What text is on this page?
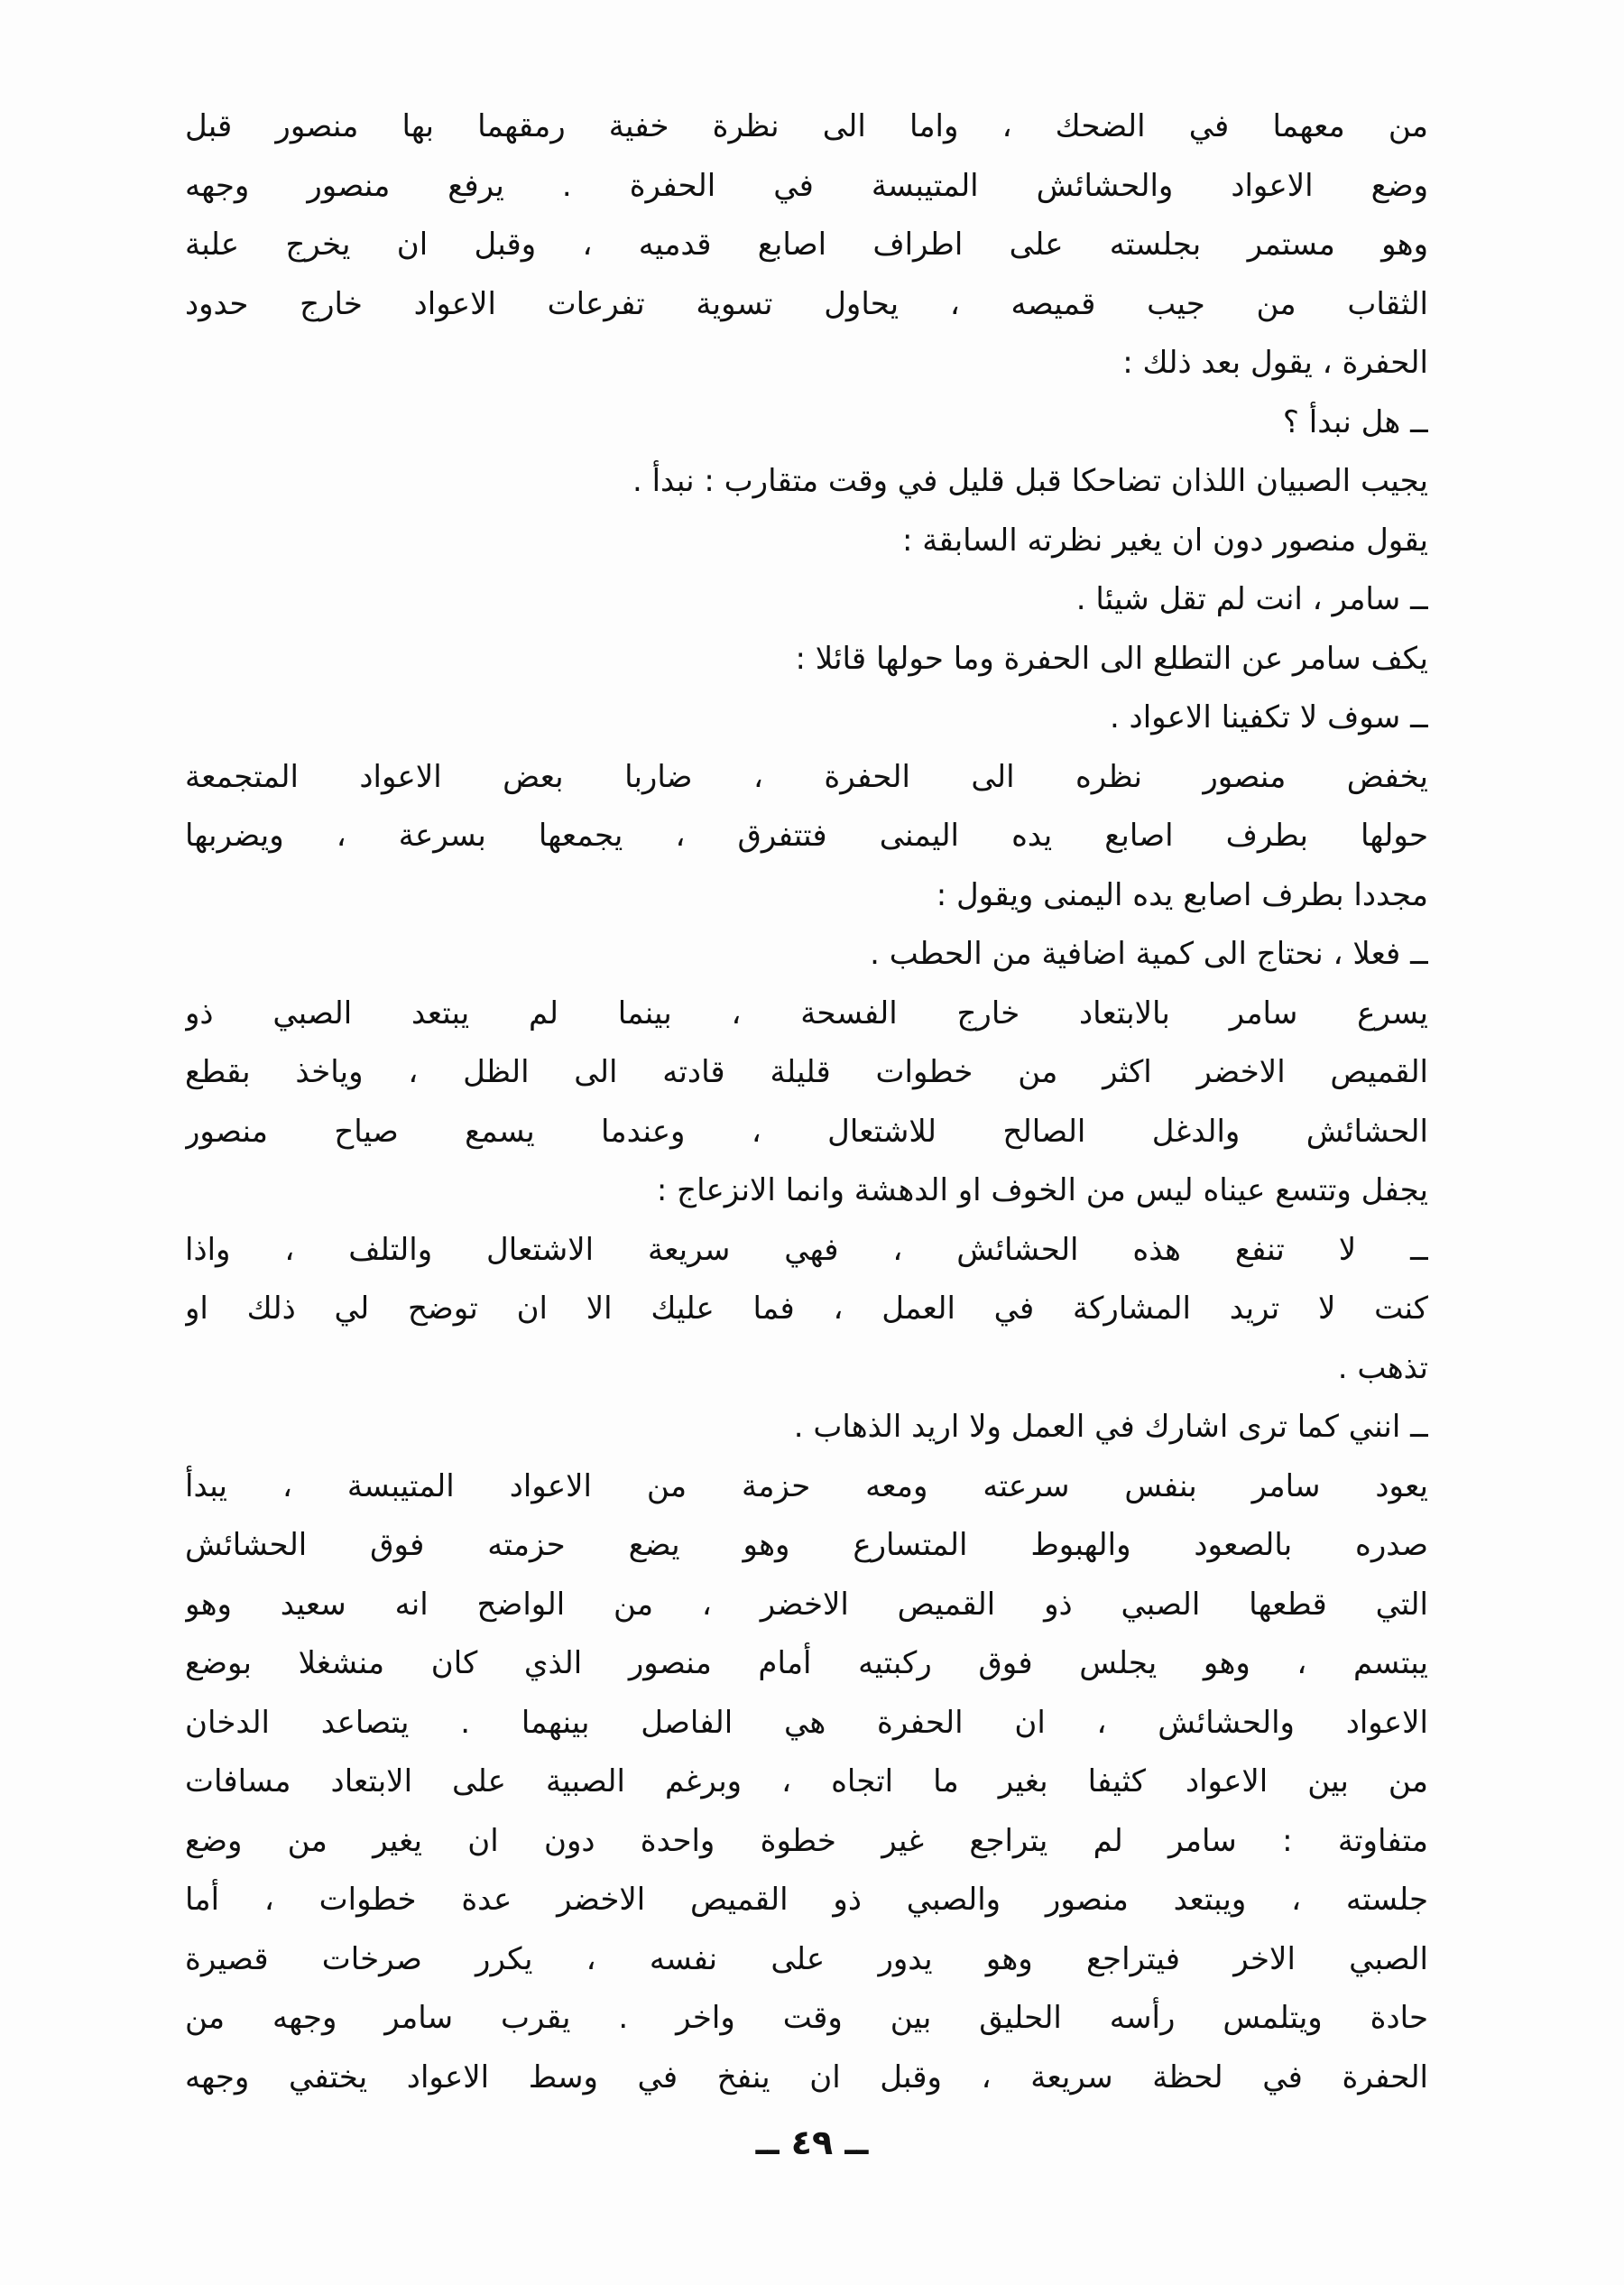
من معهما في الضحك ، واما الى نظرة خفية رمقهما بها منصور قبل
وضع الاعواد والحشائش المتيبسة في الحفرة . يرفع منصور وجهه
وهو مستمر بجلسته على اطراف اصابع قدميه ، وقبل ان يخرج علبة
الثقاب من جيب قميصه ، يحاول تسوية تفرعات الاعواد خارج حدود
الحفرة ، يقول بعد ذلك :
ــ هل نبدأ ؟
يجيب الصبيان اللذان تضاحكا قبل قليل في وقت متقارب : نبدأ .
يقول منصور دون ان يغير نظرته السابقة :
ــ سامر ، انت لم تقل شيئا .
يكف سامر عن التطلع الى الحفرة وما حولها قائلا :
ــ سوف لا تكفينا الاعواد .
يخفض منصور نظره الى الحفرة ، ضاربا بعض الاعواد المتجمعة
حولها بطرف اصابع يده اليمنى فتتفرق ، يجمعها بسرعة ، ويضربها
مجددا بطرف اصابع يده اليمنى ويقول :
ــ فعلا ، نحتاج الى كمية اضافية من الحطب .
يسرع سامر بالابتعاد خارج الفسحة ، بينما لم يبتعد الصبي ذو
القميص الاخضر اكثر من خطوات قليلة قادته الى الظل ، وياخذ بقطع
الحشائش والدغل الصالح للاشتعال ، وعندما يسمع صياح منصور
يجفل وتتسع عيناه ليس من الخوف او الدهشة وانما الانزعاج :
ــ لا تنفع هذه الحشائش ، فهي سريعة الاشتعال والتلف ، واذا
كنت لا تريد المشاركة في العمل ، فما عليك الا ان توضح لي ذلك او
تذهب .
ــ انني كما ترى اشارك في العمل ولا اريد الذهاب .
يعود سامر بنفس سرعته ومعه حزمة من الاعواد المتيبسة ، يبدأ
صدره بالصعود والهبوط المتسارع وهو يضع حزمته فوق الحشائش
التي قطعها الصبي ذو القميص الاخضر ، من الواضح انه سعيد وهو
يبتسم ، وهو يجلس فوق ركبتيه أمام منصور الذي كان منشغلا بوضع
الاعواد والحشائش ، ان الحفرة هي الفاصل بينهما . يتصاعد الدخان
من بين الاعواد كثيفا بغير ما اتجاه ، وبرغم الصبية على الابتعاد مسافات
متفاوتة : سامر لم يتراجع غير خطوة واحدة دون ان يغير من وضع
جلسته ، ويبتعد منصور والصبي ذو القميص الاخضر عدة خطوات ، أما
الصبي الاخر فيتراجع وهو يدور على نفسه ، يكرر صرخات قصيرة
حادة ويتلمس رأسه الحليق بين وقت واخر . يقرب سامر وجهه من
الحفرة في لحظة سريعة ، وقبل ان ينفخ في وسط الاعواد يختفي وجهه
ــ ٤٩ ــ
